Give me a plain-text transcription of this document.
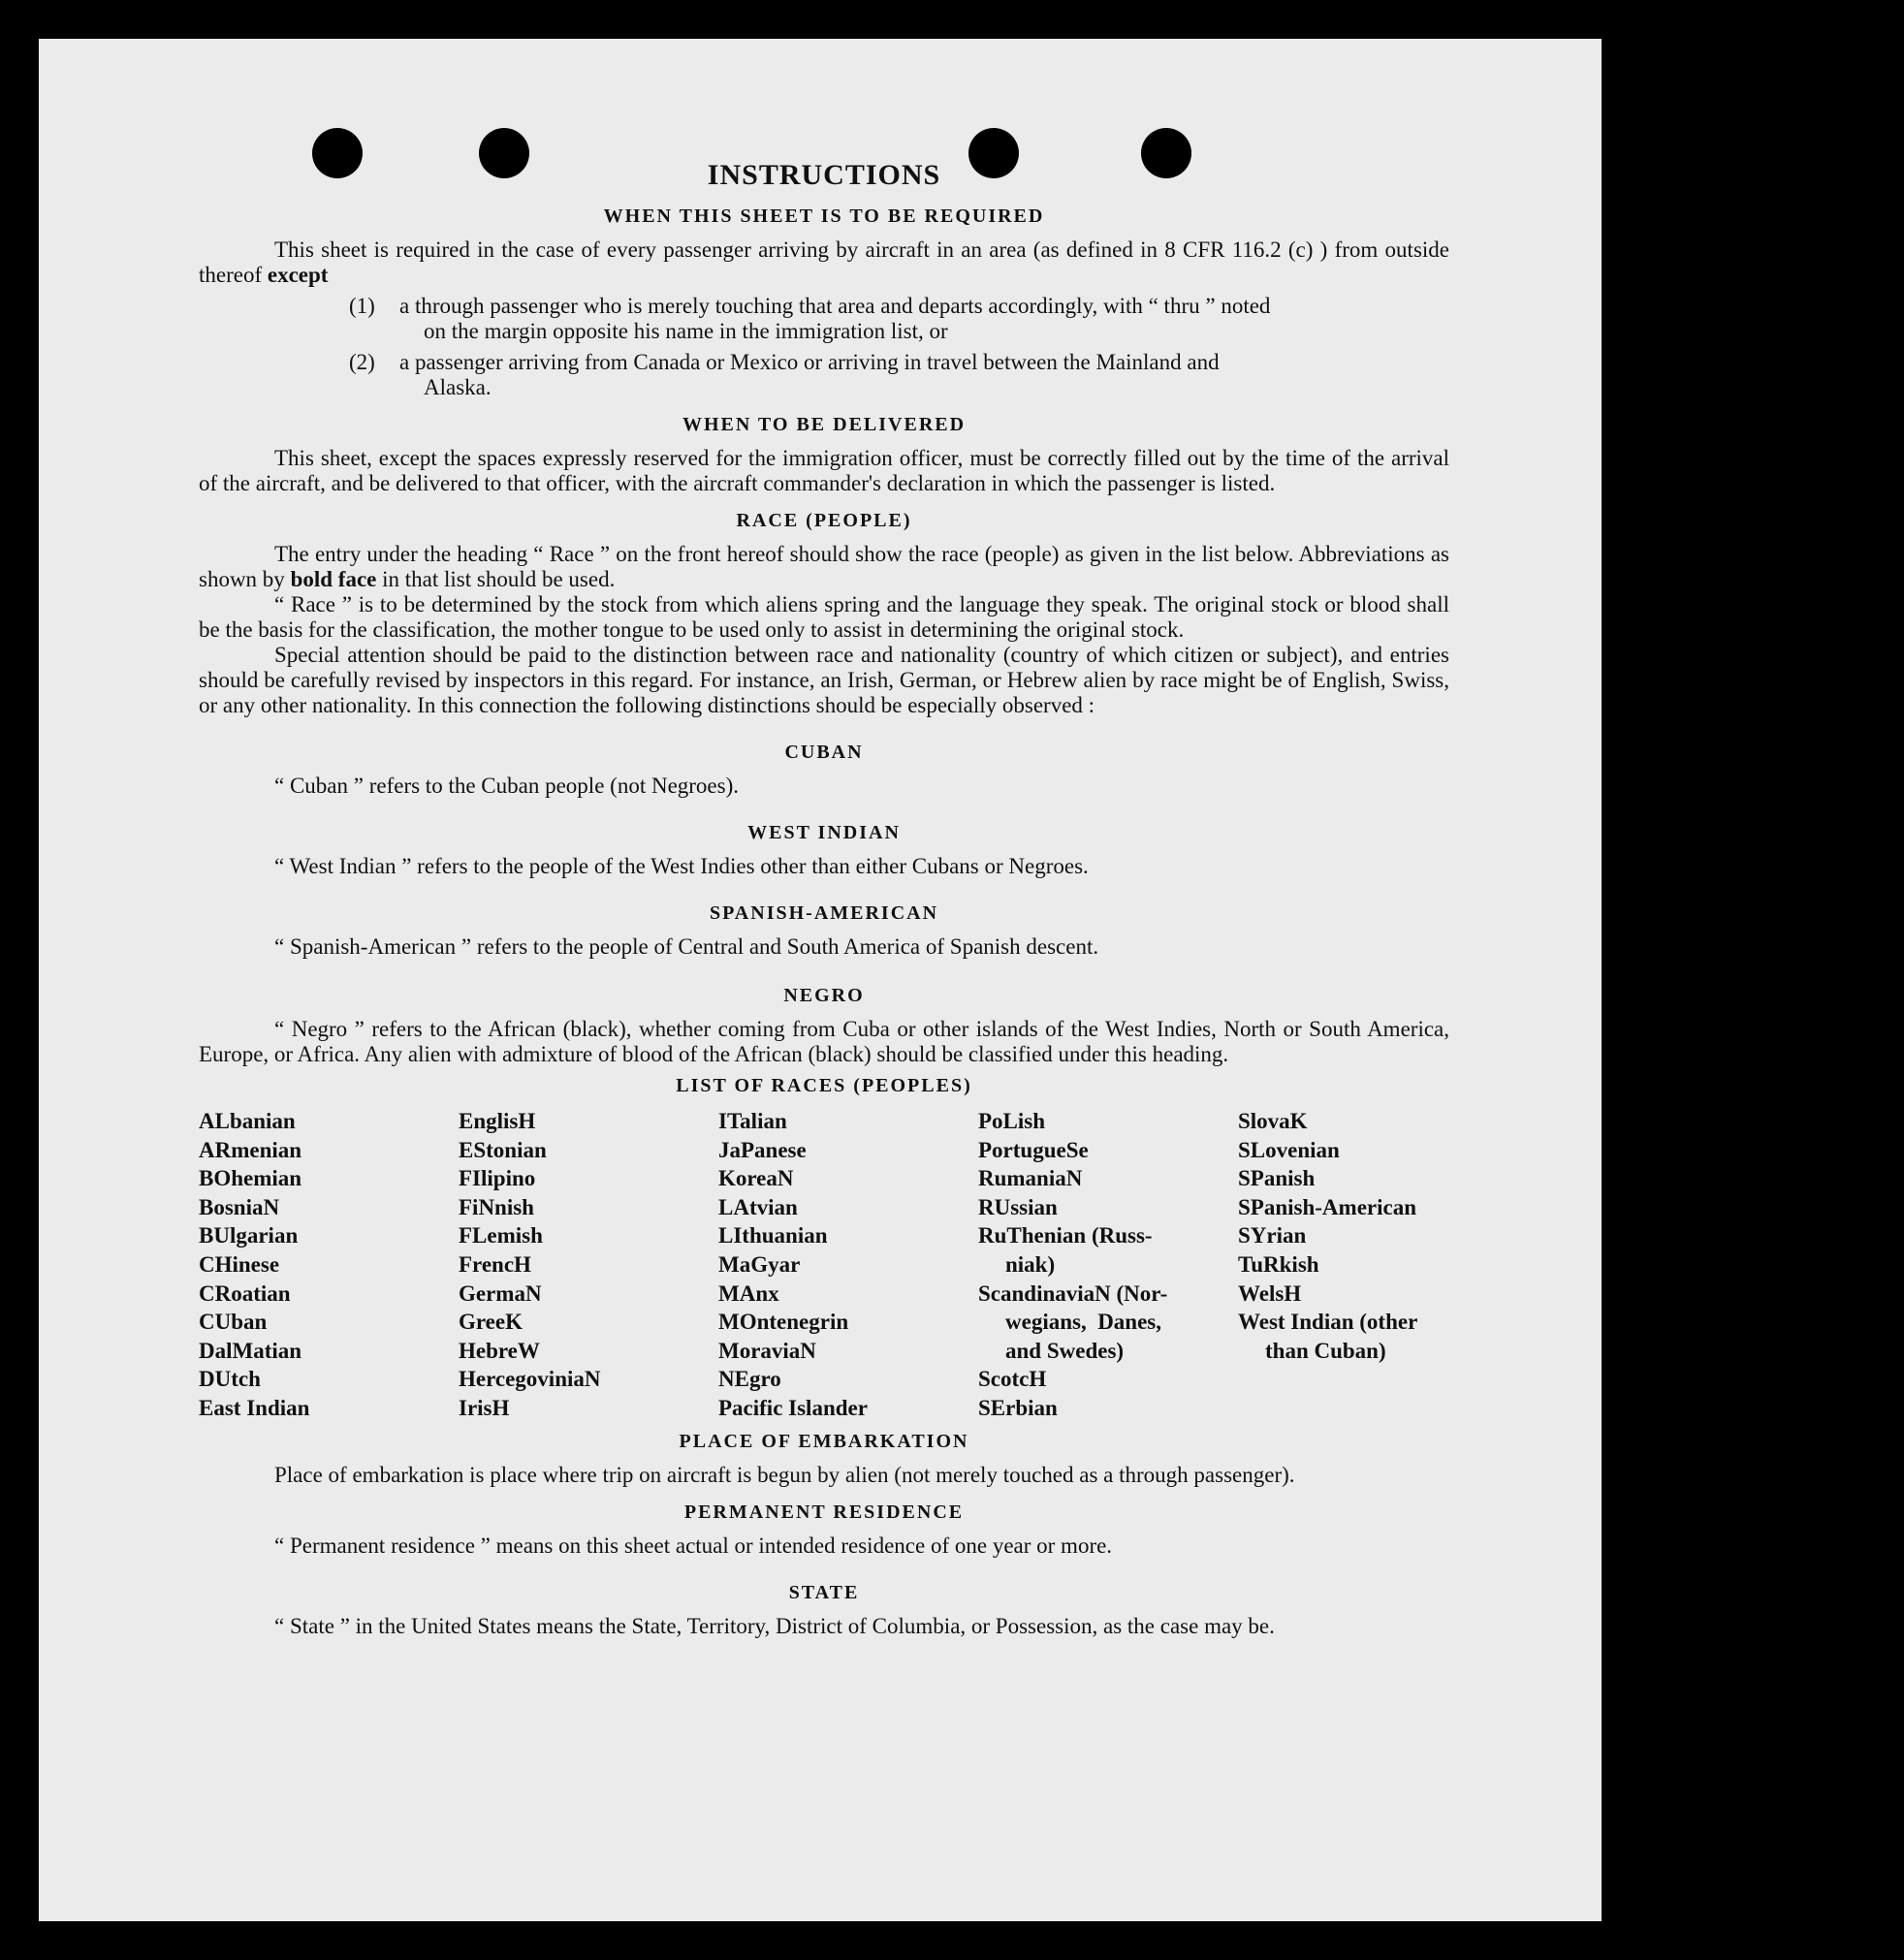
INSTRUCTIONS
WHEN THIS SHEET IS TO BE REQUIRED

This sheet is required in the case of every passenger arriving by aircraft in an area (as defined in 8 CFR 116.2 (c) ) from outside thereof except

(1)	a through passenger who is merely touching that area and departs accordingly, with “ thru ” noted
on the margin opposite his name in the immigration list, or
(2)	a passenger arriving from Canada or Mexico or arriving in travel between the Mainland and
Alaska.
WHEN TO BE DELIVERED

This sheet, except the spaces expressly reserved for the immigration officer, must be correctly filled out by the time of the arrival of the aircraft, and be delivered to that officer, with the aircraft commander's declaration in which the passenger is listed.

RACE (PEOPLE)

The entry under the heading “ Race ” on the front hereof should show the race (people) as given in the list below. Abbreviations as shown by bold face in that list should be used.

“ Race ” is to be determined by the stock from which aliens spring and the language they speak. The original stock or blood shall be the basis for the classification, the mother tongue to be used only to assist in determining the original stock.

Special attention should be paid to the distinction between race and nationality (country of which citizen or subject), and entries should be carefully revised by inspectors in this regard. For instance, an Irish, German, or Hebrew alien by race might be of English, Swiss, or any other nationality. In this connection the following distinctions should be especially observed :

CUBAN

“ Cuban ” refers to the Cuban people (not Negroes).

WEST INDIAN

“ West Indian ” refers to the people of the West Indies other than either Cubans or Negroes.

SPANISH-AMERICAN

“ Spanish-American ” refers to the people of Central and South America of Spanish descent.

NEGRO

“ Negro ” refers to the African (black), whether coming from Cuba or other islands of the West Indies, North or South America, Europe, or Africa. Any alien with admixture of blood of the African (black) should be classified under this heading.

LIST OF RACES (PEOPLES)
ALbanian
ARmenian
BOhemian
BosniaN
BUlgarian
CHinese
CRoatian
CUban
DalMatian
DUtch
East Indian
EnglisH
EStonian
FIlipino
FiNnish
FLemish
FrencH
GermaN
GreeK
HebreW
HercegoviniaN
IrisH
ITalian
JaPanese
KoreaN
LAtvian
LIthuanian
MaGyar
MAnx
MOntenegrin
MoraviaN
NEgro
Pacific Islander
PoLish
PortugueSe
RumaniaN
RUssian
RuThenian (Russ-
niak)
ScandinaviaN (Nor-
wegians,  Danes,
and Swedes)
ScotcH
SErbian
SlovaK
SLovenian
SPanish
SPanish-American
SYrian
TuRkish
WelsH
West Indian (other
than Cuban)
PLACE OF EMBARKATION

Place of embarkation is place where trip on aircraft is begun by alien (not merely touched as a through passenger).

PERMANENT RESIDENCE

“ Permanent residence ” means on this sheet actual or intended residence of one year or more.

STATE

“ State ” in the United States means the State, Territory, District of Columbia, or Possession, as the case may be.
